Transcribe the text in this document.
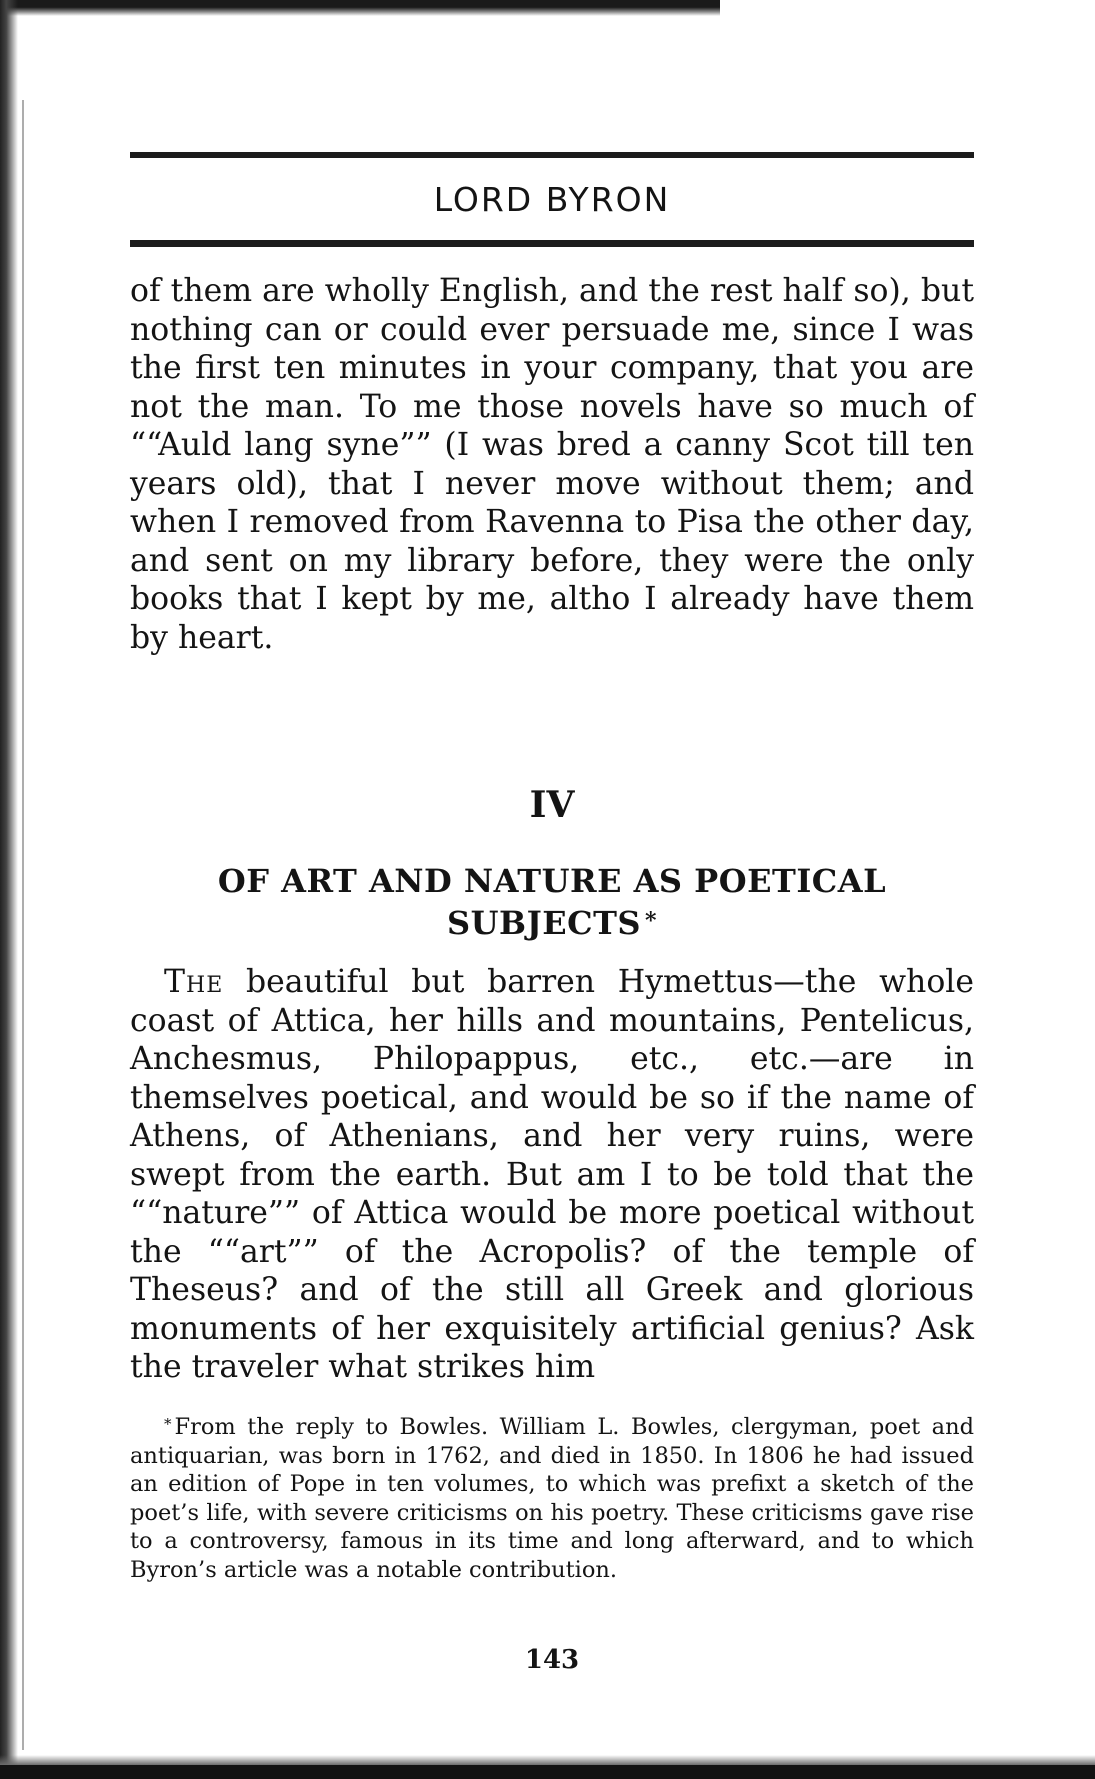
LORD BYRON

of them are wholly English, and the rest half so), but nothing can or could ever persuade me, since I was the first ten minutes in your company, that you are not the man. To me those novels have so much of ““Auld lang syne”” (I was bred a canny Scot till ten years old), that I never move without them; and when I removed from Ravenna to Pisa the other day, and sent on my library before, they were the only books that I kept by me, altho I already have them by heart.

IV
OF ART AND NATURE AS POETICAL
SUBJECTS *

The beautiful but barren Hymettus—the whole coast of Attica, her hills and mountains, Pentelicus, Anchesmus, Philopappus, etc., etc.—are in themselves poetical, and would be so if the name of Athens, of Athenians, and her very ruins, were swept from the earth. But am I to be told that the ““nature”” of Attica would be more poetical without the ““art”” of the Acropolis? of the temple of Theseus? and of the still all Greek and glorious monuments of her exquisitely artificial genius? Ask the traveler what strikes him

* From the reply to Bowles. William L. Bowles, clergyman, poet and antiquarian, was born in 1762, and died in 1850. In 1806 he had issued an edition of Pope in ten volumes, to which was prefixt a sketch of the poet’s life, with severe criticisms on his poetry. These criticisms gave rise to a controversy, famous in its time and long afterward, and to which Byron’s article was a notable contribution.
143
